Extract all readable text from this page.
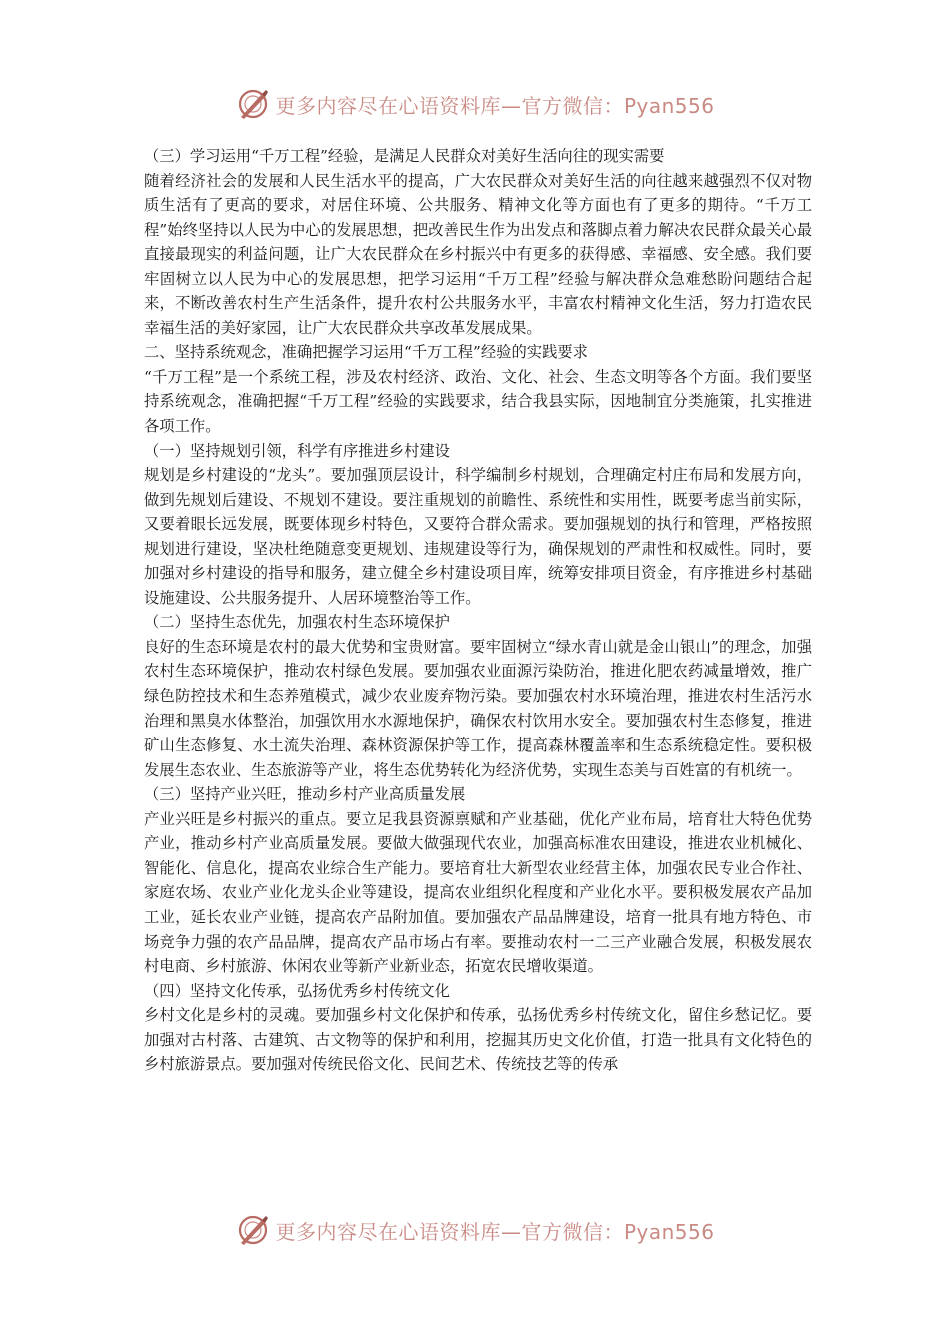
更多内容尽在心语资料库—官方微信：Pyan556

（三）学习运用“千万工程”经验，是满足人民群众对美好生活向往的现实需要

随着经济社会的发展和人民生活水平的提高，广大农民群众对美好生活的向往越来越强烈不仅对物质生活有了更高的要求，对居住环境、公共服务、精神文化等方面也有了更多的期待。“千万工程”始终坚持以人民为中心的发展思想，把改善民生作为出发点和落脚点着力解决农民群众最关心最直接最现实的利益问题，让广大农民群众在乡村振兴中有更多的获得感、幸福感、安全感。我们要牢固树立以人民为中心的发展思想，把学习运用“千万工程”经验与解决群众急难愁盼问题结合起来，不断改善农村生产生活条件，提升农村公共服务水平，丰富农村精神文化生活，努力打造农民幸福生活的美好家园，让广大农民群众共享改革发展成果。

二、坚持系统观念，准确把握学习运用“千万工程”经验的实践要求

“千万工程”是一个系统工程，涉及农村经济、政治、文化、社会、生态文明等各个方面。我们要坚持系统观念，准确把握“千万工程”经验的实践要求，结合我县实际，因地制宜分类施策，扎实推进各项工作。

（一）坚持规划引领，科学有序推进乡村建设

规划是乡村建设的“龙头”。要加强顶层设计，科学编制乡村规划，合理确定村庄布局和发展方向，做到先规划后建设、不规划不建设。要注重规划的前瞻性、系统性和实用性，既要考虑当前实际，又要着眼长远发展，既要体现乡村特色，又要符合群众需求。要加强规划的执行和管理，严格按照规划进行建设，坚决杜绝随意变更规划、违规建设等行为，确保规划的严肃性和权威性。同时，要加强对乡村建设的指导和服务，建立健全乡村建设项目库，统筹安排项目资金，有序推进乡村基础设施建设、公共服务提升、人居环境整治等工作。

（二）坚持生态优先，加强农村生态环境保护

良好的生态环境是农村的最大优势和宝贵财富。要牢固树立“绿水青山就是金山银山”的理念，加强农村生态环境保护，推动农村绿色发展。要加强农业面源污染防治，推进化肥农药减量增效，推广绿色防控技术和生态养殖模式，减少农业废弃物污染。要加强农村水环境治理，推进农村生活污水治理和黑臭水体整治，加强饮用水水源地保护，确保农村饮用水安全。要加强农村生态修复，推进矿山生态修复、水土流失治理、森林资源保护等工作，提高森林覆盖率和生态系统稳定性。要积极发展生态农业、生态旅游等产业，将生态优势转化为经济优势，实现生态美与百姓富的有机统一。

（三）坚持产业兴旺，推动乡村产业高质量发展

产业兴旺是乡村振兴的重点。要立足我县资源禀赋和产业基础，优化产业布局，培育壮大特色优势产业，推动乡村产业高质量发展。要做大做强现代农业，加强高标准农田建设，推进农业机械化、智能化、信息化，提高农业综合生产能力。要培育壮大新型农业经营主体，加强农民专业合作社、家庭农场、农业产业化龙头企业等建设，提高农业组织化程度和产业化水平。要积极发展农产品加工业，延长农业产业链，提高农产品附加值。要加强农产品品牌建设，培育一批具有地方特色、市场竞争力强的农产品品牌，提高农产品市场占有率。要推动农村一二三产业融合发展，积极发展农村电商、乡村旅游、休闲农业等新产业新业态，拓宽农民增收渠道。

（四）坚持文化传承，弘扬优秀乡村传统文化

乡村文化是乡村的灵魂。要加强乡村文化保护和传承，弘扬优秀乡村传统文化，留住乡愁记忆。要加强对古村落、古建筑、古文物等的保护和利用，挖掘其历史文化价值，打造一批具有文化特色的乡村旅游景点。要加强对传统民俗文化、民间艺术、传统技艺等的传承

更多内容尽在心语资料库—官方微信：Pyan556
